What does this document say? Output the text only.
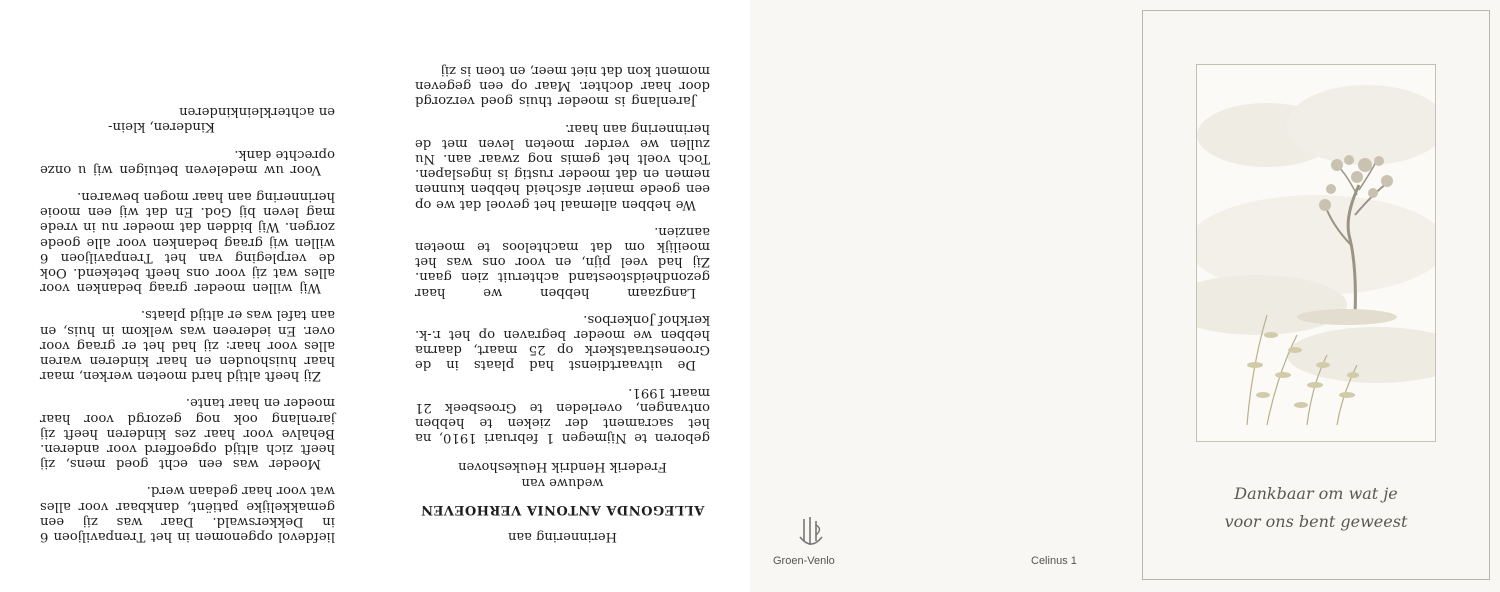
Herinnering aan

ALLEGONDA ANTONIA VERHOEVEN

weduwe van

Frederik Hendrik Heukeshoven

geboren te Nijmegen 1 februari 1910, na het sacrament der zieken te hebben ontvangen, overleden te Groesbeek 21 maart 1991.

De uitvaartdienst had plaats in de Groenestraatskerk op 25 maart, daarna hebben we moeder begraven op het r.-k. kerkhof Jonkerbos.

Langzaam hebben we haar gezondheidstoestand achteruit zien gaan. Zij had veel pijn, en voor ons was het moeilijk om dat machteloos te moeten aanzien.

We hebben allemaal het gevoel dat we op een goede manier afscheid hebben kunnen nemen en dat moeder rustig is ingeslapen. Toch voelt het gemis nog zwaar aan. Nu zullen we verder moeten leven met de herinnering aan haar.

Jarenlang is moeder thuis goed verzorgd door haar dochter. Maar op een gegeven moment kon dat niet meer, en toen is zij

liefdevol opgenomen in het Trenpaviljoen 6 in Dekkerswald. Daar was zij een gemakkelijke patiënt, dankbaar voor alles wat voor haar gedaan werd.

Moeder was een echt goed mens, zij heeft zich altijd opgeofferd voor anderen. Behalve voor haar zes kinderen heeft zij jarenlang ook nog gezorgd voor haar moeder en haar tante.

Zij heeft altijd hard moeten werken, maar haar huishouden en haar kinderen waren alles voor haar: zij had het er graag voor over. En iedereen was welkom in huis, en aan tafel was er altijd plaats.

Wij willen moeder graag bedanken voor alles wat zij voor ons heeft betekend. Ook de verpleging van het Trenpaviljoen 6 willen wij graag bedanken voor alle goede zorgen. Wij bidden dat moeder nu in vrede mag leven bij God. En dat wij een mooie herinnering aan haar mogen bewaren.

Voor uw medeleven betuigen wij u onze oprechte dank.

Kinderen, klein-

en achterkleinkinderen

Groen-Venlo	Celinus 1
Dankbaar om wat je
voor ons bent geweest
